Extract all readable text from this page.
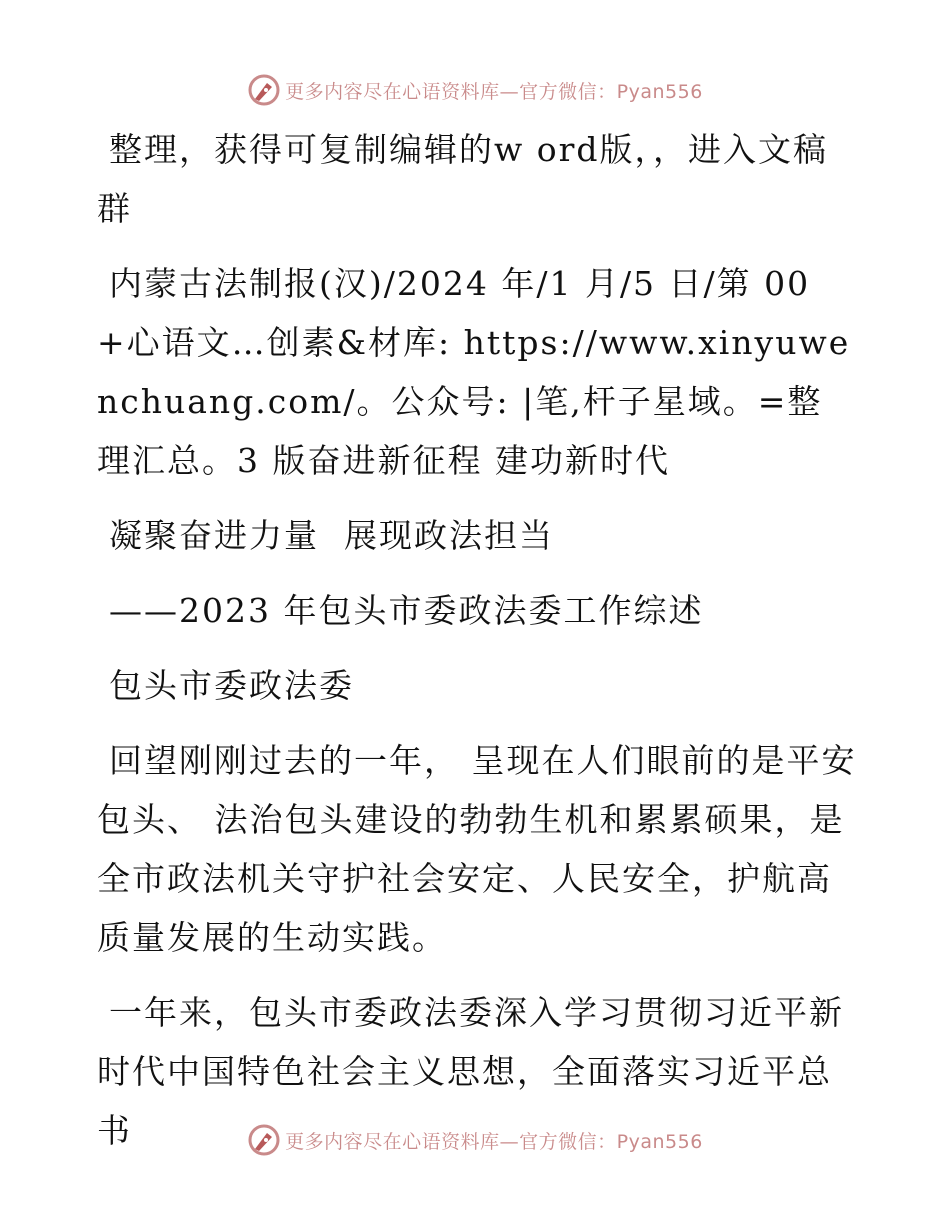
更多内容尽在心语资料库—官方微信：Pyan556

整理，获得可复制编辑的w ord版，，进入文稿群

内蒙古法制报(汉)/2024 年/1 月/5 日/第 00+心语文…创素&材库: https://www.xinyuwenchuang.com/。公众号: |笔,杆子星域。=整理汇总。3 版奋进新征程 建功新时代

凝聚奋进力量  展现政法担当

——2023 年包头市委政法委工作综述

包头市委政法委

回望刚刚过去的一年， 呈现在人们眼前的是平安包头、 法治包头建设的勃勃生机和累累硕果，是全市政法机关守护社会安定、人民安全，护航高质量发展的生动实践。

一年来，包头市委政法委深入学习贯彻习近平新时代中国特色社会主义思想，全面落实习近平总书	更多内容尽在心语资料库—官方微信：Pyan556
